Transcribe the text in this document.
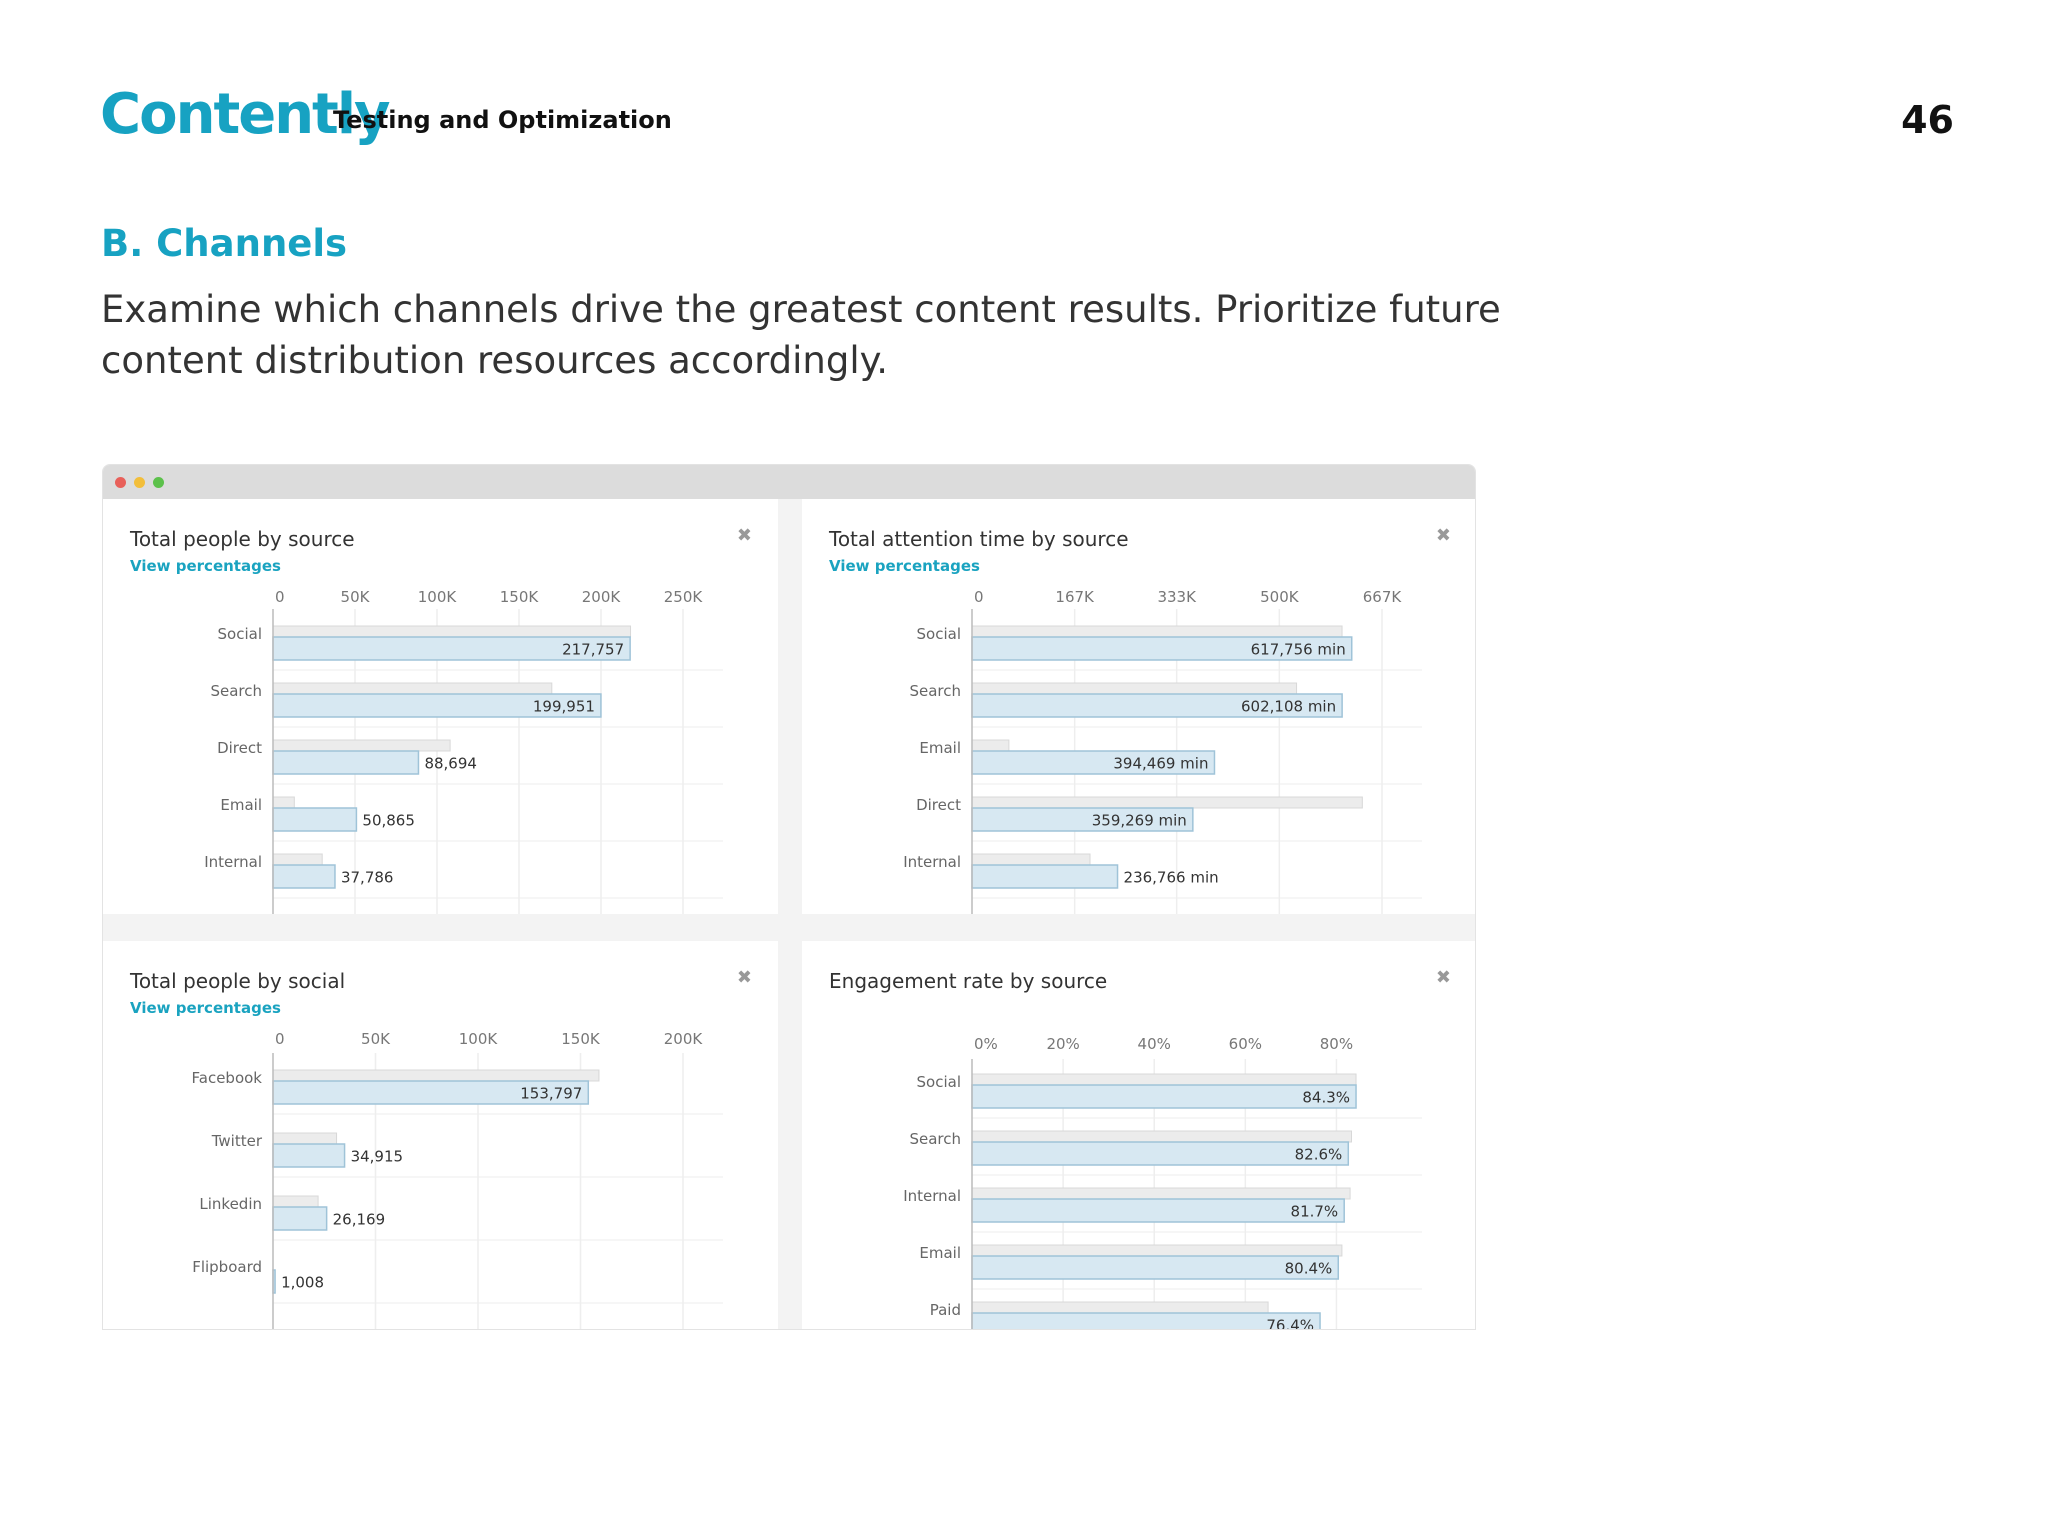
Contently
Testing and Optimization	46
B. Channels
Examine which channels drive the greatest content results. Prioritize future content distribution resources accordingly.
0	50K	100K	150K	200K	250K
217,757
Social
199,951
Search
88,694
Direct
50,865
Email
37,786
Internal
Total people by source
View percentages
✖
0	167K	333K	500K	667K
617,756 min
Social
602,108 min
Search
394,469 min
Email
359,269 min
Direct
236,766 min
Internal
Total attention time by source
View percentages
✖
0	50K	100K	150K	200K
153,797
Facebook
34,915
Twitter
26,169
Linkedin
1,008
Flipboard
Total people by social
View percentages
✖
0%	20%	40%	60%	80%
84.3%
Social
82.6%
Search
81.7%
Internal
80.4%
Email
76.4%
Paid
Engagement rate by source	✖
